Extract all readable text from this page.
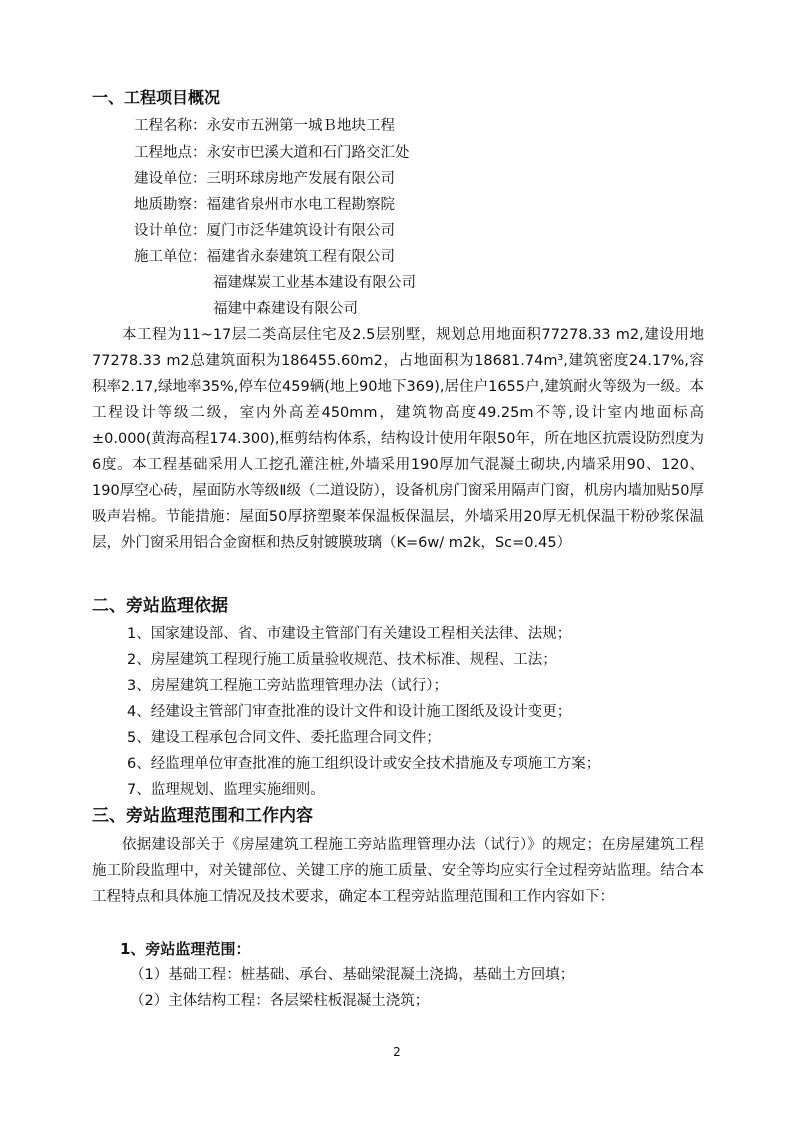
一、工程项目概况
工程名称：永安市五洲第一城Ｂ地块工程
工程地点：永安市巴溪大道和石门路交汇处
建设单位：三明环球房地产发展有限公司
地质勘察：福建省泉州市水电工程勘察院
设计单位：厦门市泛华建筑设计有限公司
施工单位：福建省永泰建筑工程有限公司
福建煤炭工业基本建设有限公司
福建中森建设有限公司
本工程为11~17层二类高层住宅及2.5层别墅，规划总用地面积77278.33 m2,建设用地77278.33 m2总建筑面积为186455.60m2，占地面积为18681.74m³,建筑密度24.17%,容积率2.17,绿地率35%,停车位459辆(地上90地下369),居住户1655户,建筑耐火等级为一级。本工程设计等级二级，室内外高差450mm，建筑物高度49.25m不等,设计室内地面标高±0.000(黄海高程174.300),框剪结构体系，结构设计使用年限50年，所在地区抗震设防烈度为6度。本工程基础采用人工挖孔灌注桩,外墙采用190厚加气混凝土砌块,内墙采用90、120、190厚空心砖，屋面防水等级Ⅱ级（二道设防），设备机房门窗采用隔声门窗，机房内墙加贴50厚吸声岩棉。节能措施：屋面50厚挤塑聚苯保温板保温层，外墙采用20厚无机保温干粉砂浆保温层，外门窗采用铝合金窗框和热反射镀膜玻璃（K=6w/ m2k，Sc=0.45）
二、旁站监理依据
1、国家建设部、省、市建设主管部门有关建设工程相关法律、法规；
2、房屋建筑工程现行施工质量验收规范、技术标准、规程、工法；
3、房屋建筑工程施工旁站监理管理办法（试行）；
4、经建设主管部门审查批准的设计文件和设计施工图纸及设计变更；
5、建设工程承包合同文件、委托监理合同文件；
6、经监理单位审查批准的施工组织设计或安全技术措施及专项施工方案；
7、监理规划、监理实施细则。
三、旁站监理范围和工作内容
依据建设部关于《房屋建筑工程施工旁站监理管理办法（试行）》的规定；在房屋建筑工程施工阶段监理中，对关键部位、关键工序的施工质量、安全等均应实行全过程旁站监理。结合本工程特点和具体施工情况及技术要求，确定本工程旁站监理范围和工作内容如下：
1、旁站监理范围：
（1）基础工程：桩基础、承台、基础梁混凝土浇捣，基础土方回填；
（2）主体结构工程：各层梁柱板混凝土浇筑；
2
